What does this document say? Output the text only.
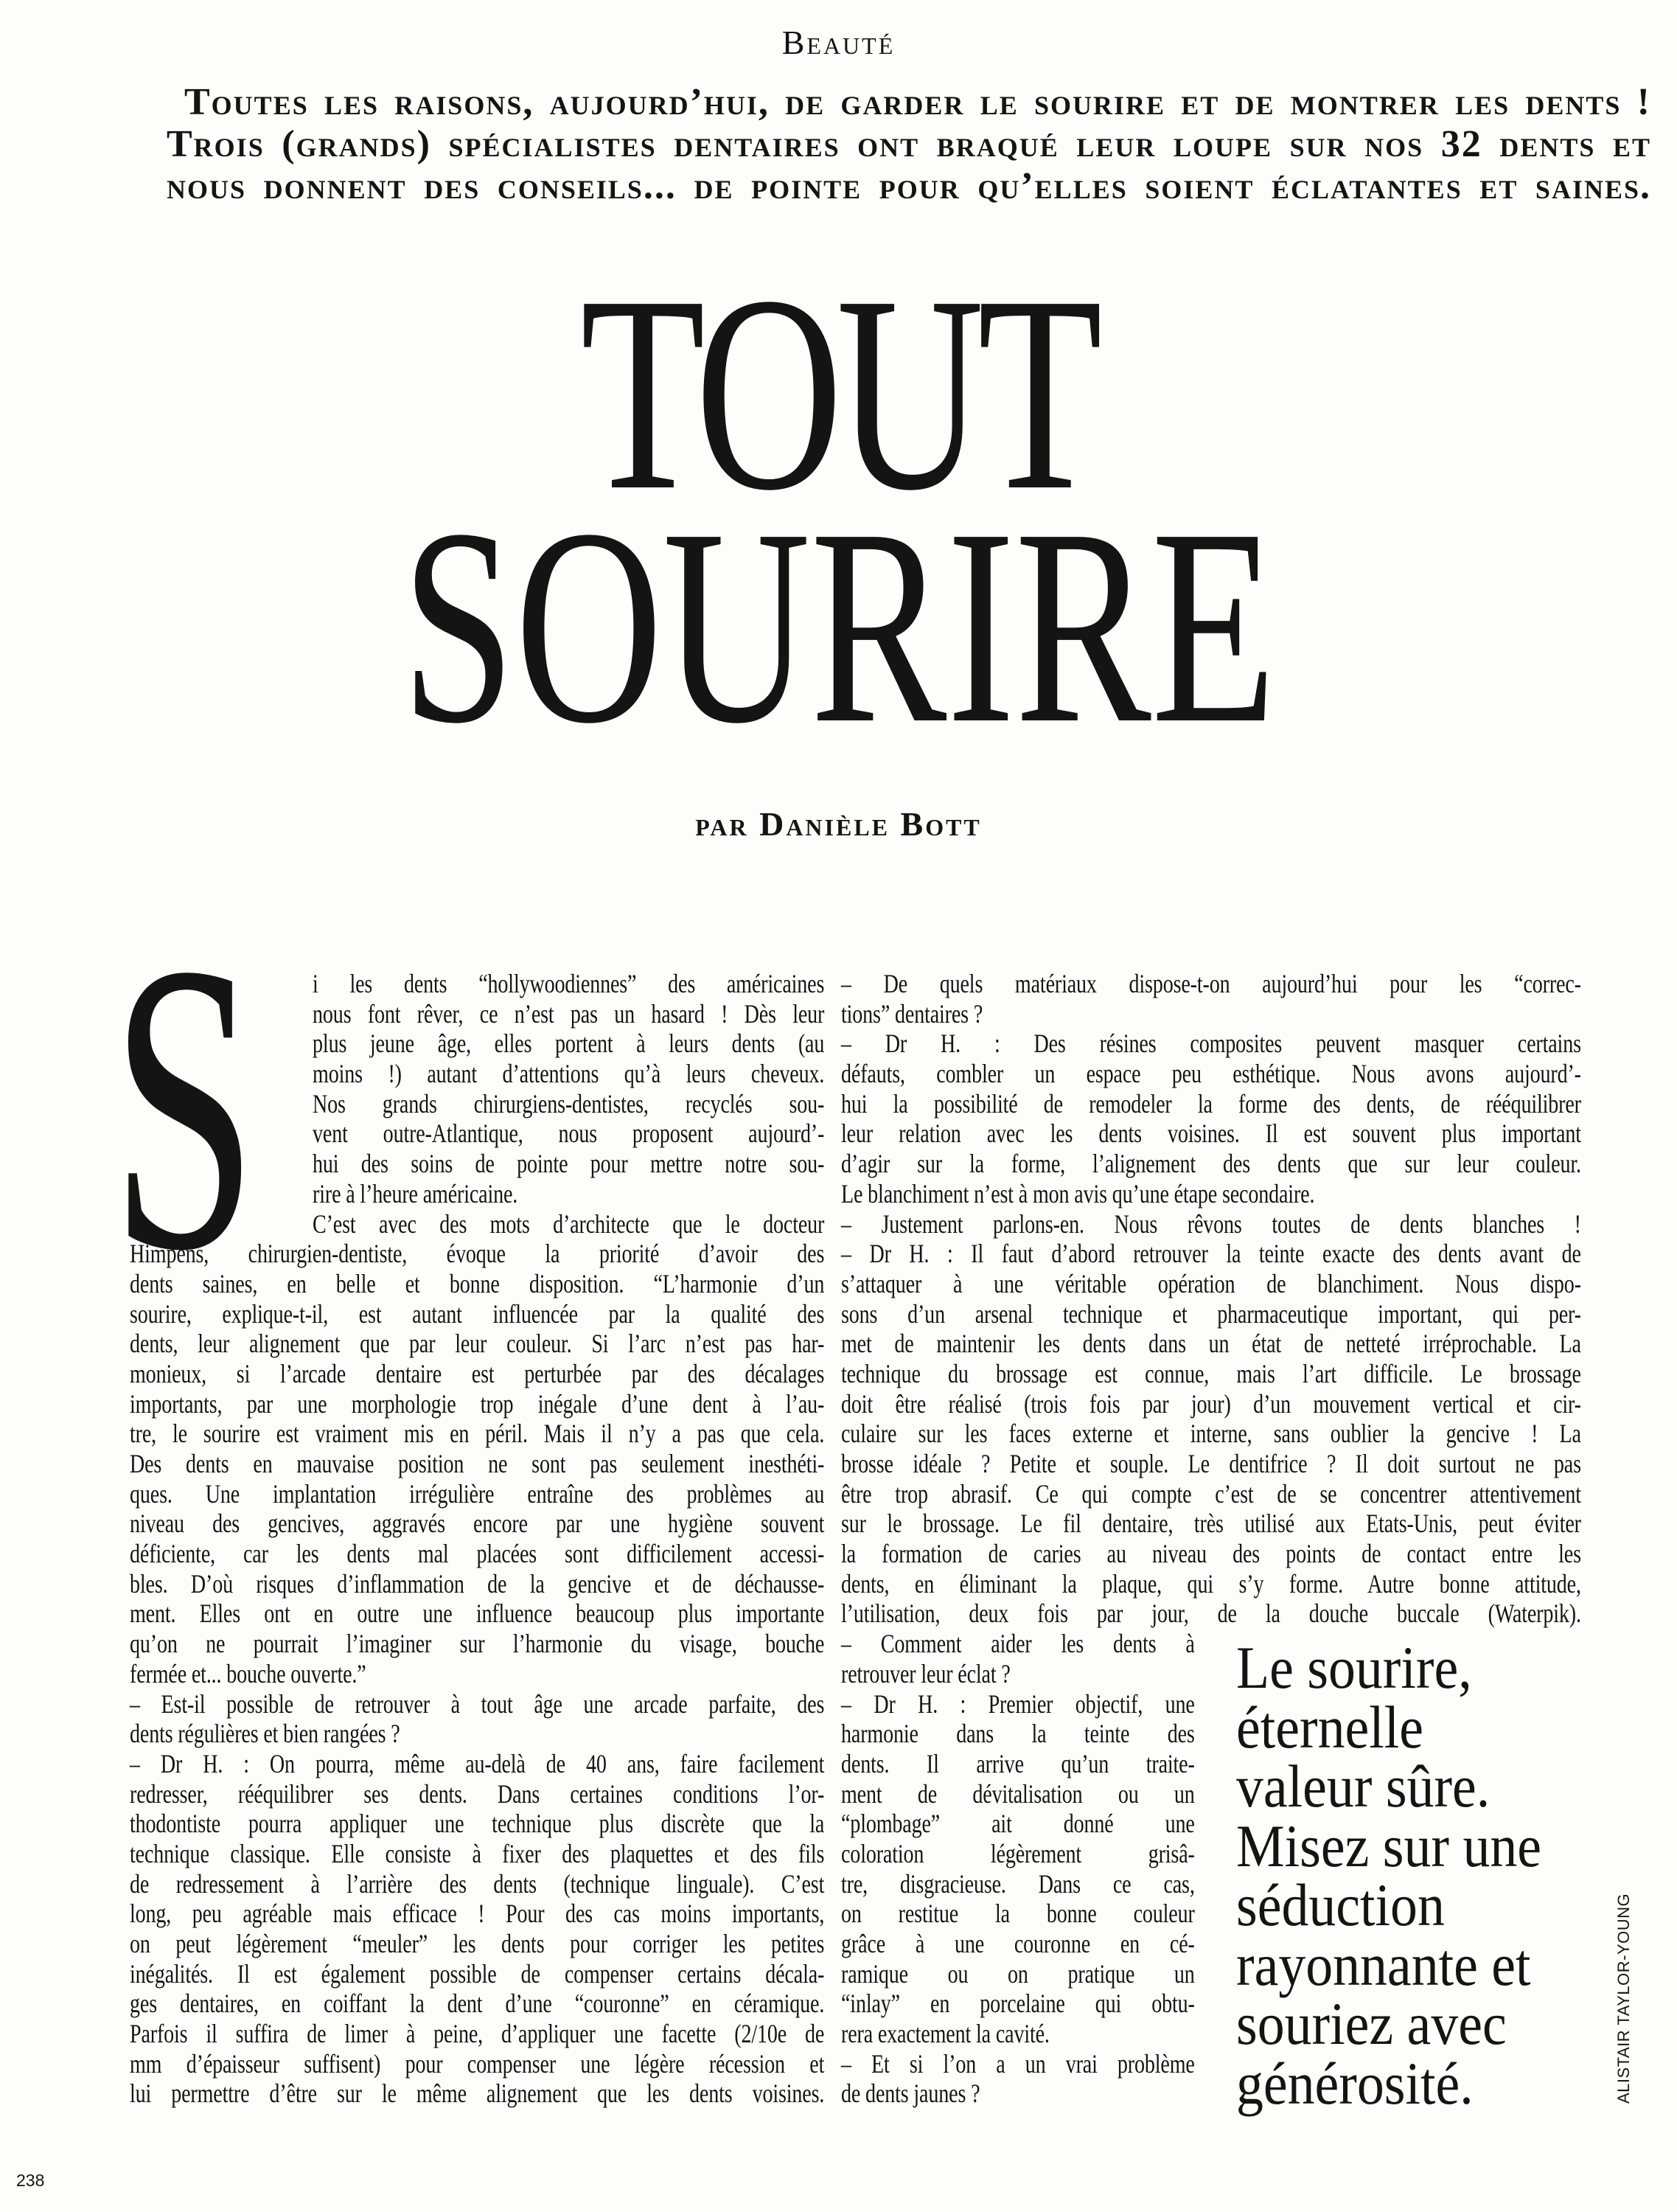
Beauté
Toutes les raisons, aujourd’hui, de garder le sourire et de montrer les dents !
Trois (grands) spécialistes dentaires ont braqué leur loupe sur nos 32 dents et
nous donnent des conseils... de pointe pour qu’elles soient éclatantes et saines.
TOUT
SOURIRE
par Danièle Bott
S i les dents “hollywoodiennes” des américaines
nous font rêver, ce n’est pas un hasard ! Dès leur
plus jeune âge, elles portent à leurs dents (au
moins !) autant d’attentions qu’à leurs cheveux.
Nos grands chirurgiens-dentistes, recyclés sou-
vent outre-Atlantique, nous proposent aujourd’-
hui des soins de pointe pour mettre notre sou-
rire à l’heure américaine.
C’est avec des mots d’architecte que le docteur
Himpens, chirurgien-dentiste, évoque la priorité d’avoir des
dents saines, en belle et bonne disposition. “L’harmonie d’un
sourire, explique-t-il, est autant influencée par la qualité des
dents, leur alignement que par leur couleur. Si l’arc n’est pas har-
monieux, si l’arcade dentaire est perturbée par des décalages
importants, par une morphologie trop inégale d’une dent à l’au-
tre, le sourire est vraiment mis en péril. Mais il n’y a pas que cela.
Des dents en mauvaise position ne sont pas seulement inesthéti-
ques. Une implantation irrégulière entraîne des problèmes au
niveau des gencives, aggravés encore par une hygiène souvent
déficiente, car les dents mal placées sont difficilement accessi-
bles. D’où risques d’inflammation de la gencive et de déchausse-
ment. Elles ont en outre une influence beaucoup plus importante
qu’on ne pourrait l’imaginer sur l’harmonie du visage, bouche
fermée et... bouche ouverte.”
– Est-il possible de retrouver à tout âge une arcade parfaite, des
dents régulières et bien rangées ?
– Dr H. : On pourra, même au-delà de 40 ans, faire facilement
redresser, rééquilibrer ses dents. Dans certaines conditions l’or-
thodontiste pourra appliquer une technique plus discrète que la
technique classique. Elle consiste à fixer des plaquettes et des fils
de redressement à l’arrière des dents (technique linguale). C’est
long, peu agréable mais efficace ! Pour des cas moins importants,
on peut légèrement “meuler” les dents pour corriger les petites
inégalités. Il est également possible de compenser certains décala-
ges dentaires, en coiffant la dent d’une “couronne” en céramique.
Parfois il suffira de limer à peine, d’appliquer une facette (2/10e de
mm d’épaisseur suffisent) pour compenser une légère récession et
lui permettre d’être sur le même alignement que les dents voisines.
– De quels matériaux dispose-t-on aujourd’hui pour les “correc-
tions” dentaires ?
– Dr H. : Des résines composites peuvent masquer certains
défauts, combler un espace peu esthétique. Nous avons aujourd’-
hui la possibilité de remodeler la forme des dents, de rééquilibrer
leur relation avec les dents voisines. Il est souvent plus important
d’agir sur la forme, l’alignement des dents que sur leur couleur.
Le blanchiment n’est à mon avis qu’une étape secondaire.
– Justement parlons-en. Nous rêvons toutes de dents blanches !
– Dr H. : Il faut d’abord retrouver la teinte exacte des dents avant de
s’attaquer à une véritable opération de blanchiment. Nous dispo-
sons d’un arsenal technique et pharmaceutique important, qui per-
met de maintenir les dents dans un état de netteté irréprochable. La
technique du brossage est connue, mais l’art difficile. Le brossage
doit être réalisé (trois fois par jour) d’un mouvement vertical et cir-
culaire sur les faces externe et interne, sans oublier la gencive ! La
brosse idéale ? Petite et souple. Le dentifrice ? Il doit surtout ne pas
être trop abrasif. Ce qui compte c’est de se concentrer attentivement
sur le brossage. Le fil dentaire, très utilisé aux Etats-Unis, peut éviter
la formation de caries au niveau des points de contact entre les
dents, en éliminant la plaque, qui s’y forme. Autre bonne attitude,
l’utilisation, deux fois par jour, de la douche buccale (Waterpik).
– Comment aider les dents à
retrouver leur éclat ?
– Dr H. : Premier objectif, une
harmonie dans la teinte des
dents. Il arrive qu’un traite-
ment de dévitalisation ou un
“plombage” ait donné une
coloration légèrement grisâ-
tre, disgracieuse. Dans ce cas,
on restitue la bonne couleur
grâce à une couronne en cé-
ramique ou on pratique un
“inlay” en porcelaine qui obtu-
rera exactement la cavité.
– Et si l’on a un vrai problème
de dents jaunes ?
Le sourire,
éternelle
valeur sûre.
Misez sur une
séduction
rayonnante et
souriez avec
générosité.	ALISTAIR TAYLOR-YOUNG
238
